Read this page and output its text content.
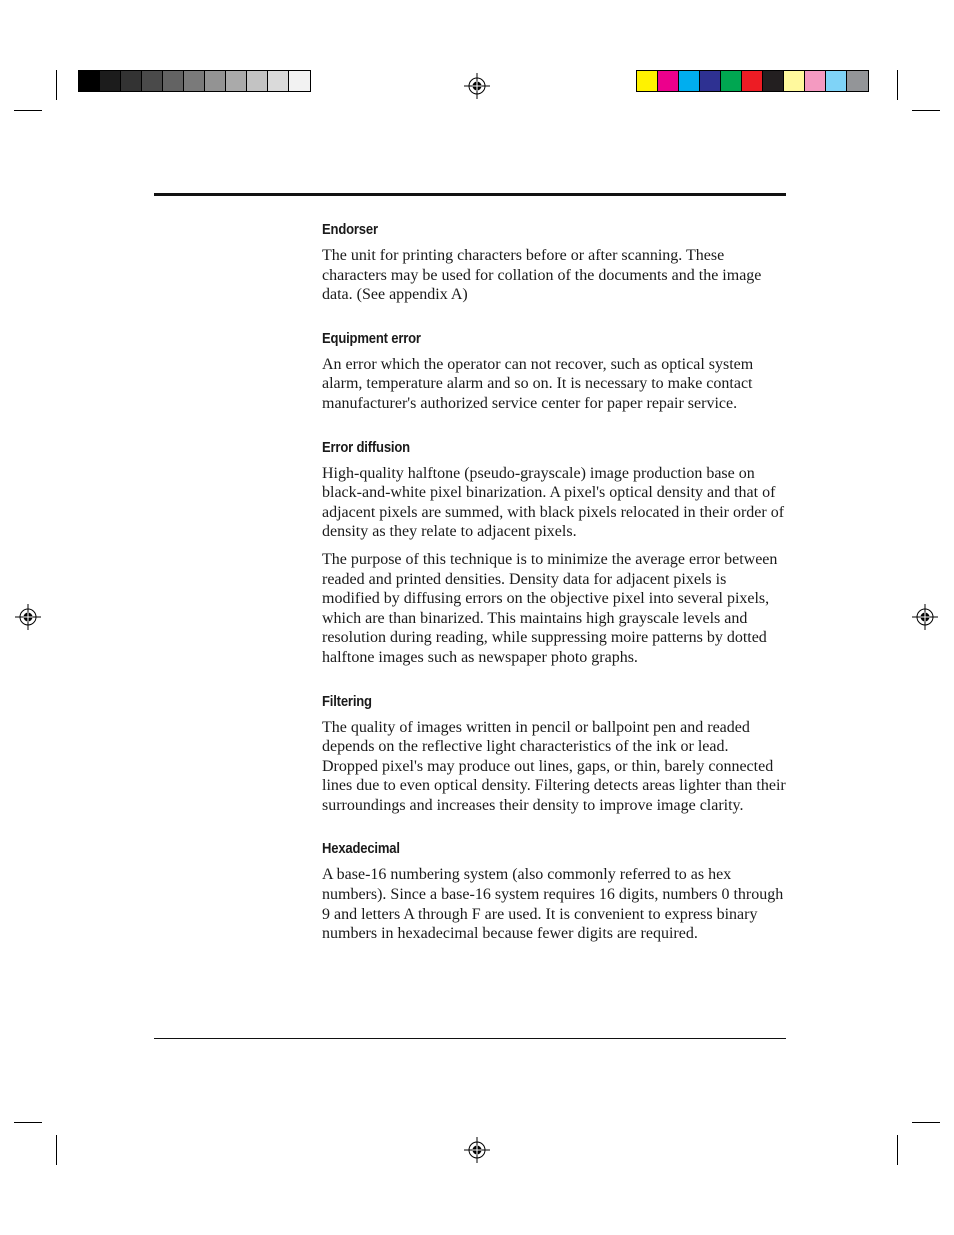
Endorser

The unit for printing characters before or after scanning. These characters may be used for collation of the documents and the image data. (See appendix A)

Equipment error

An error which the operator can not recover, such as optical system alarm, temperature alarm and so on. It is necessary to make contact manufacturer's authorized service center for paper repair service.

Error diffusion

High-quality halftone (pseudo-grayscale) image production base on black-and-white pixel binarization. A pixel's optical density and that of adjacent pixels are summed, with black pixels relocated in their order of density as they relate to adjacent pixels.

The purpose of this technique is to minimize the average error between readed and printed densities. Density data for adjacent pixels is modified by diffusing errors on the objective pixel into several pixels, which are than binarized. This maintains high grayscale levels and resolution during reading, while suppressing moire patterns by dotted halftone images such as newspaper photo graphs.

Filtering

The quality of images written in pencil or ballpoint pen and readed depends on the reflective light characteristics of the ink or lead. Dropped pixel's may produce out lines, gaps, or thin, barely connected lines due to even optical density. Filtering detects areas lighter than their surroundings and increases their density to improve image clarity.

Hexadecimal

A base-16 numbering system (also commonly referred to as hex numbers). Since a base-16 system requires 16 digits, numbers 0 through 9 and letters A through F are used. It is convenient to express binary numbers in hexadecimal because fewer digits are required.
